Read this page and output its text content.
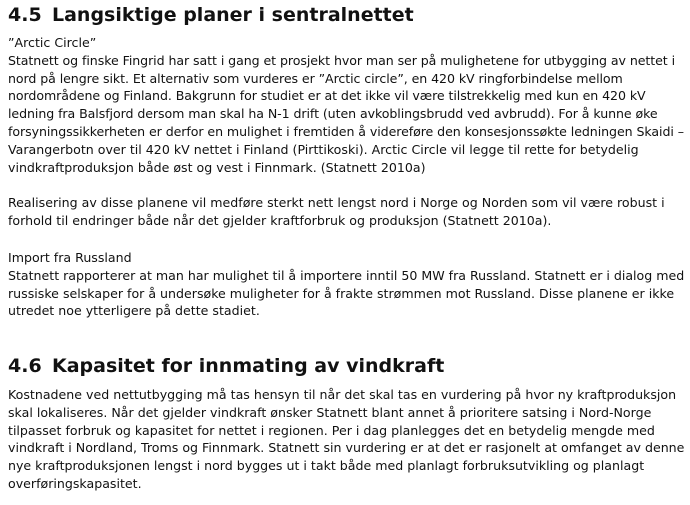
4.5 Langsiktige planer i sentralnettet
”Arctic Circle”
Statnett og finske Fingrid har satt i gang et prosjekt hvor man ser på mulighetene for utbygging av nettet i
nord på lengre sikt. Et alternativ som vurderes er ”Arctic circle”, en 420 kV ringforbindelse mellom
nordområdene og Finland. Bakgrunn for studiet er at det ikke vil være tilstrekkelig med kun en 420 kV
ledning fra Balsfjord dersom man skal ha N-1 drift (uten avkoblingsbrudd ved avbrudd). For å kunne øke
forsyningssikkerheten er derfor en mulighet i fremtiden å videreføre den konsesjonssøkte ledningen Skaidi –
Varangerbotn over til 420 kV nettet i Finland (Pirttikoski). Arctic Circle vil legge til rette for betydelig
vindkraftproduksjon både øst og vest i Finnmark. (Statnett 2010a)
Realisering av disse planene vil medføre sterkt nett lengst nord i Norge og Norden som vil være robust i
forhold til endringer både når det gjelder kraftforbruk og produksjon (Statnett 2010a).
Import fra Russland
Statnett rapporterer at man har mulighet til å importere inntil 50 MW fra Russland. Statnett er i dialog med
russiske selskaper for å undersøke muligheter for å frakte strømmen mot Russland. Disse planene er ikke
utredet noe ytterligere på dette stadiet.
4.6 Kapasitet for innmating av vindkraft
Kostnadene ved nettutbygging må tas hensyn til når det skal tas en vurdering på hvor ny kraftproduksjon
skal lokaliseres. Når det gjelder vindkraft ønsker Statnett blant annet å prioritere satsing i Nord-Norge
tilpasset forbruk og kapasitet for nettet i regionen. Per i dag planlegges det en betydelig mengde med
vindkraft i Nordland, Troms og Finnmark. Statnett sin vurdering er at det er rasjonelt at omfanget av denne
nye kraftproduksjonen lengst i nord bygges ut i takt både med planlagt forbruksutvikling og planlagt
overføringskapasitet.
